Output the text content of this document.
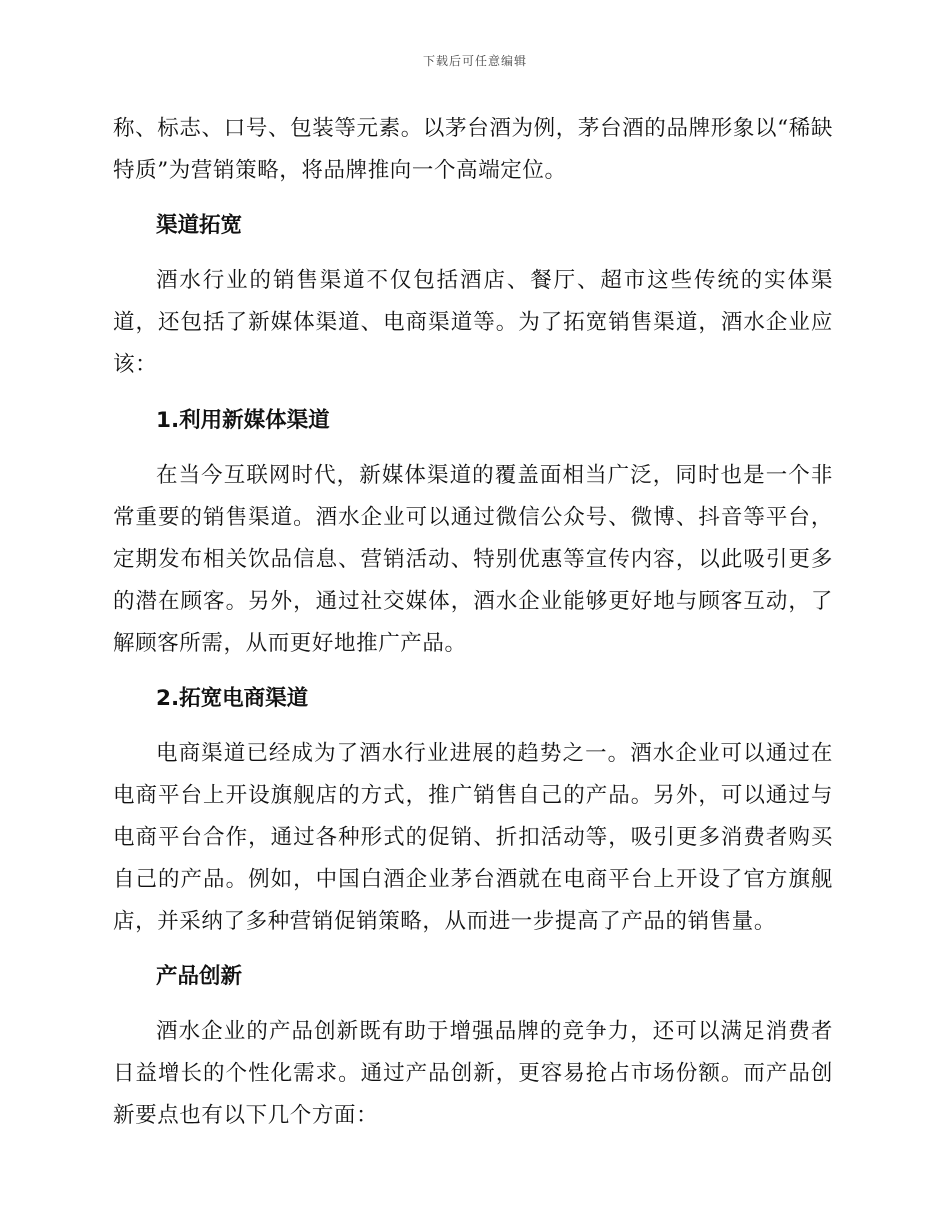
下载后可任意编辑

称、标志、口号、包装等元素。以茅台酒为例，茅台酒的品牌形象以“稀缺特质”为营销策略，将品牌推向一个高端定位。

渠道拓宽

酒水行业的销售渠道不仅包括酒店、餐厅、超市这些传统的实体渠道，还包括了新媒体渠道、电商渠道等。为了拓宽销售渠道，酒水企业应该：

1.利用新媒体渠道

在当今互联网时代，新媒体渠道的覆盖面相当广泛，同时也是一个非常重要的销售渠道。酒水企业可以通过微信公众号、微博、抖音等平台，定期发布相关饮品信息、营销活动、特别优惠等宣传内容，以此吸引更多的潜在顾客。另外，通过社交媒体，酒水企业能够更好地与顾客互动，了解顾客所需，从而更好地推广产品。

2.拓宽电商渠道

电商渠道已经成为了酒水行业进展的趋势之一。酒水企业可以通过在电商平台上开设旗舰店的方式，推广销售自己的产品。另外，可以通过与电商平台合作，通过各种形式的促销、折扣活动等，吸引更多消费者购买自己的产品。例如，中国白酒企业茅台酒就在电商平台上开设了官方旗舰店，并采纳了多种营销促销策略，从而进一步提高了产品的销售量。

产品创新

酒水企业的产品创新既有助于增强品牌的竞争力，还可以满足消费者日益增长的个性化需求。通过产品创新，更容易抢占市场份额。而产品创新要点也有以下几个方面：
